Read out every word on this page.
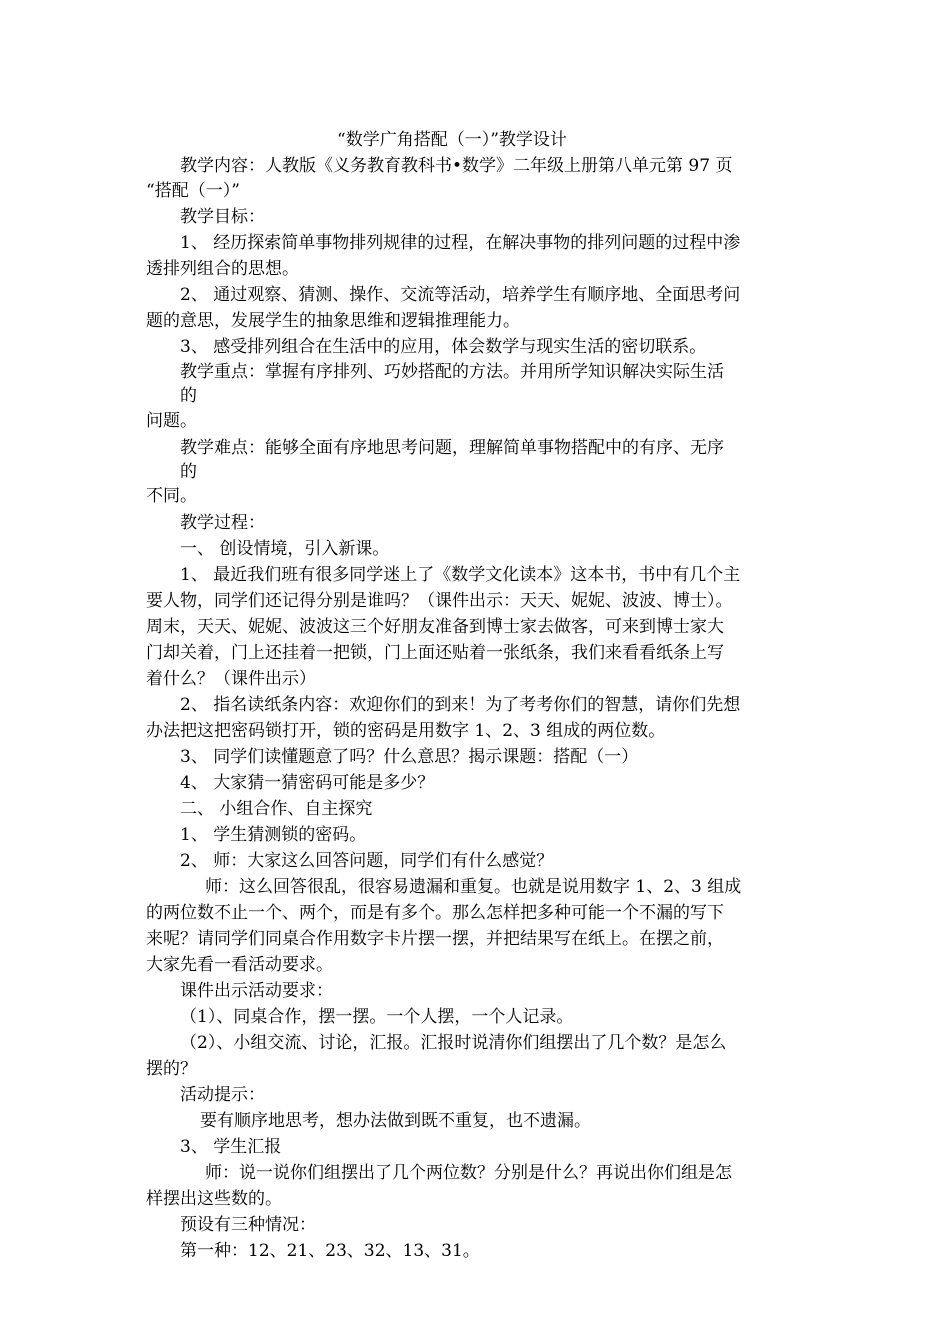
“数学广角搭配（一）”教学设计
教学内容：人教版《义务教育教科书•数学》二年级上册第八单元第 97 页
“搭配（一）”
教学目标：
1、 经历探索简单事物排列规律的过程，在解决事物的排列问题的过程中渗
透排列组合的思想。
2、 通过观察、猜测、操作、交流等活动，培养学生有顺序地、全面思考问
题的意思，发展学生的抽象思维和逻辑推理能力。
3、 感受排列组合在生活中的应用，体会数学与现实生活的密切联系。
教学重点：掌握有序排列、巧妙搭配的方法。并用所学知识解决实际生活
的
问题。
教学难点：能够全面有序地思考问题，理解简单事物搭配中的有序、无序
的
不同。
教学过程：
一、 创设情境，引入新课。
1、 最近我们班有很多同学迷上了《数学文化读本》这本书，书中有几个主
要人物，同学们还记得分别是谁吗？（课件出示：天天、妮妮、波波、博士）。
周末，天天、妮妮、波波这三个好朋友准备到博士家去做客，可来到博士家大
门却关着，门上还挂着一把锁，门上面还贴着一张纸条，我们来看看纸条上写
着什么？（课件出示）
2、 指名读纸条内容：欢迎你们的到来！为了考考你们的智慧，请你们先想
办法把这把密码锁打开，锁的密码是用数字 1、2、3 组成的两位数。
3、 同学们读懂题意了吗？什么意思？揭示课题：搭配（一）
4、 大家猜一猜密码可能是多少？
二、 小组合作、自主探究
1、 学生猜测锁的密码。
2、 师：大家这么回答问题，同学们有什么感觉？
师：这么回答很乱，很容易遗漏和重复。也就是说用数字 1、2、3 组成
的两位数不止一个、两个，而是有多个。那么怎样把多种可能一个不漏的写下
来呢？请同学们同桌合作用数字卡片摆一摆，并把结果写在纸上。在摆之前，
大家先看一看活动要求。
课件出示活动要求：
（1）、同桌合作，摆一摆。一个人摆，一个人记录。
（2）、小组交流、讨论，汇报。汇报时说清你们组摆出了几个数？是怎么
摆的？
活动提示：
要有顺序地思考，想办法做到既不重复，也不遗漏。
3、 学生汇报
师：说一说你们组摆出了几个两位数？分别是什么？再说出你们组是怎
样摆出这些数的。
预设有三种情况：
第一种：12、21、23、32、13、31。
